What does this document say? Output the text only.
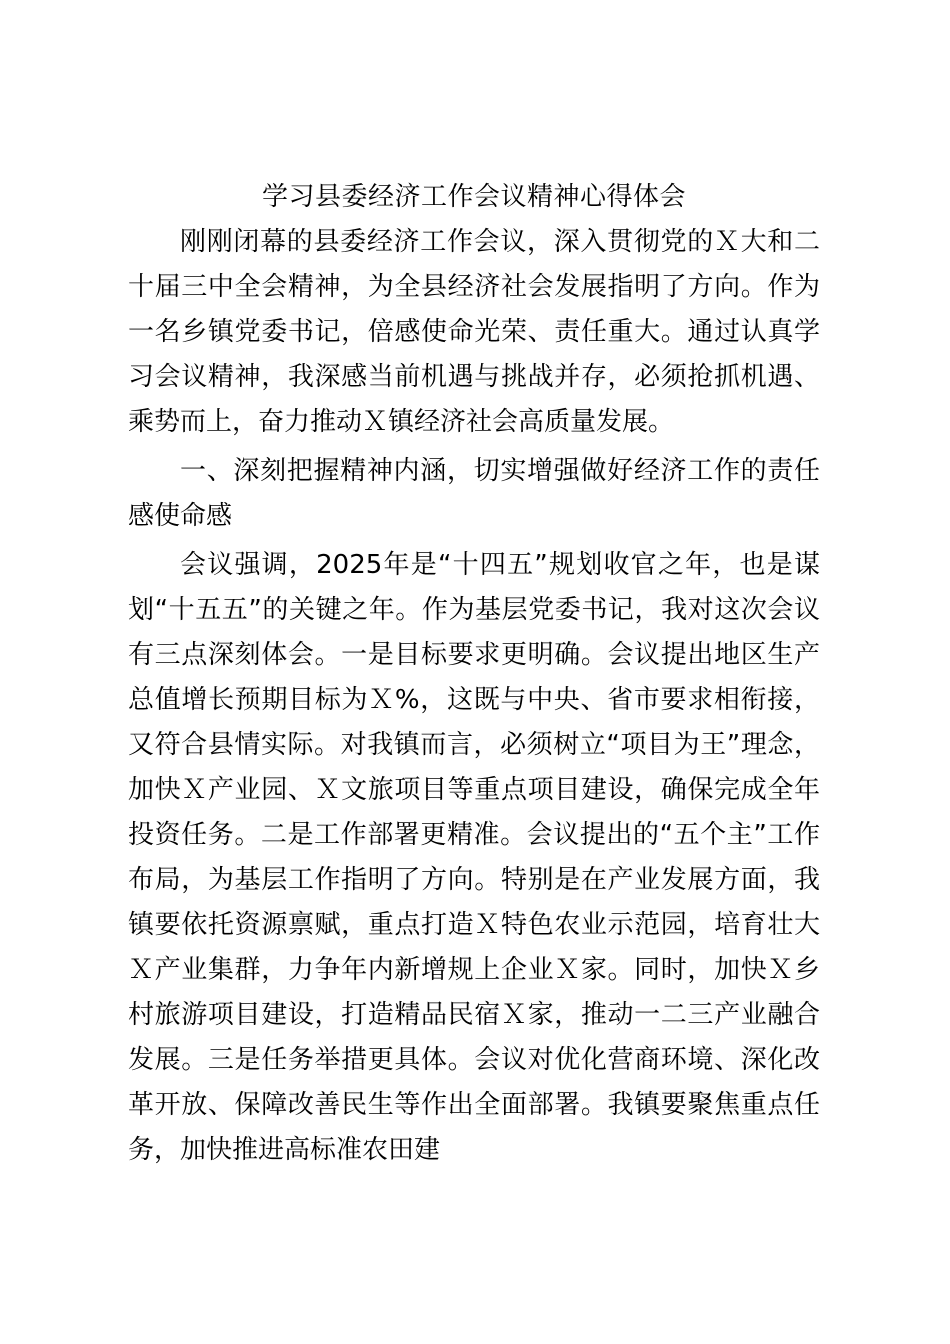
学习县委经济工作会议精神心得体会

刚刚闭幕的县委经济工作会议，深入贯彻党的Ｘ大和二十届三中全会精神，为全县经济社会发展指明了方向。作为一名乡镇党委书记，倍感使命光荣、责任重大。通过认真学习会议精神，我深感当前机遇与挑战并存，必须抢抓机遇、乘势而上，奋力推动Ｘ镇经济社会高质量发展。

一、深刻把握精神内涵，切实增强做好经济工作的责任感使命感

会议强调，2025年是“十四五”规划收官之年，也是谋划“十五五”的关键之年。作为基层党委书记，我对这次会议有三点深刻体会。一是目标要求更明确。会议提出地区生产总值增长预期目标为Ｘ%，这既与中央、省市要求相衔接，又符合县情实际。对我镇而言，必须树立“项目为王”理念，加快Ｘ产业园、Ｘ文旅项目等重点项目建设，确保完成全年投资任务。二是工作部署更精准。会议提出的“五个主”工作布局，为基层工作指明了方向。特别是在产业发展方面，我镇要依托资源禀赋，重点打造Ｘ特色农业示范园，培育壮大Ｘ产业集群，力争年内新增规上企业Ｘ家。同时，加快Ｘ乡村旅游项目建设，打造精品民宿Ｘ家，推动一二三产业融合发展。三是任务举措更具体。会议对优化营商环境、深化改革开放、保障改善民生等作出全面部署。我镇要聚焦重点任务，加快推进高标准农田建
